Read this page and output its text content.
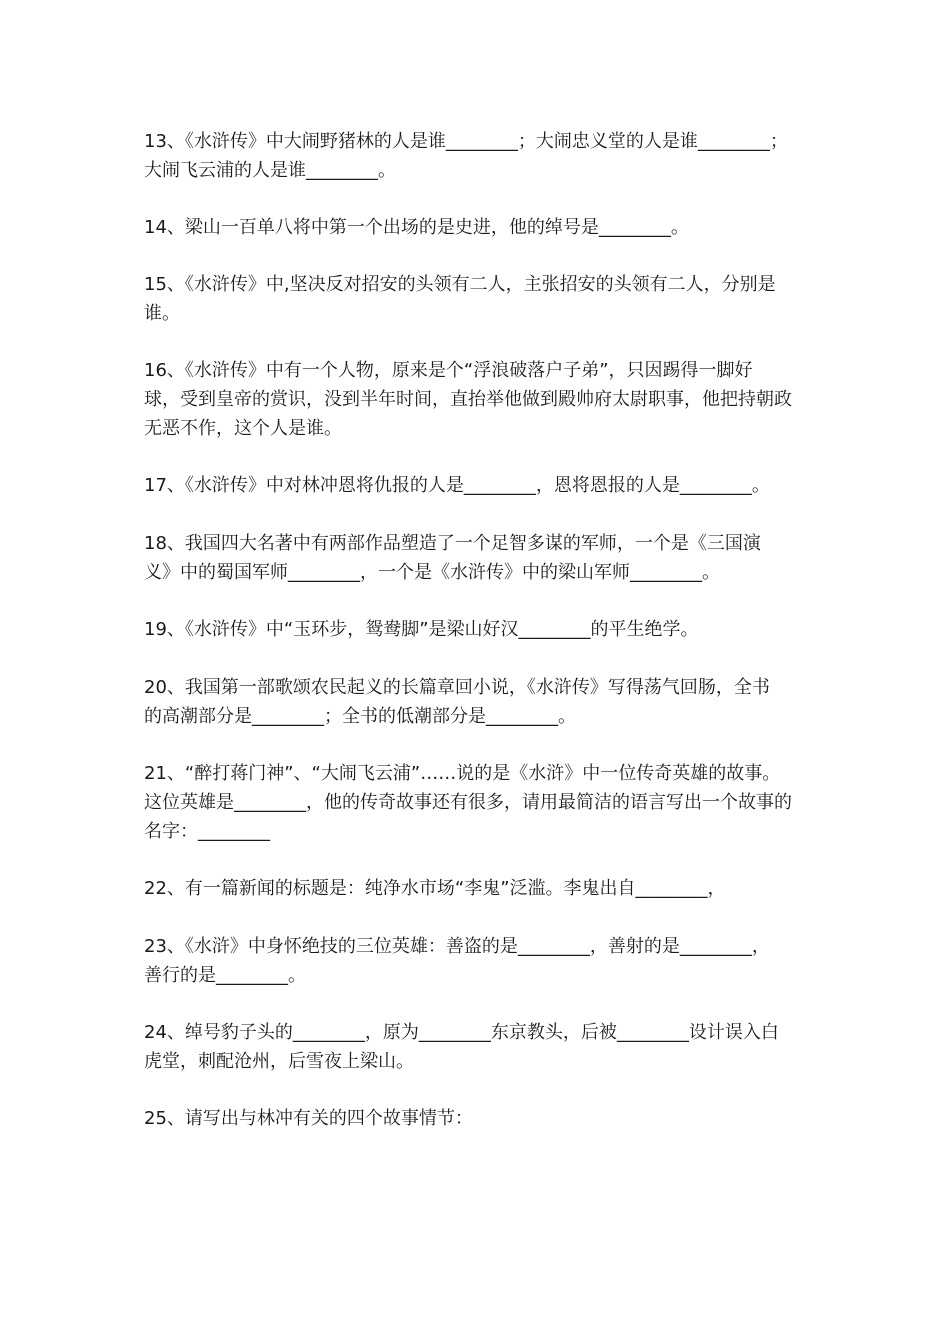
13、《水浒传》中大闹野猪林的人是谁________；大闹忠义堂的人是谁________；

大闹飞云浦的人是谁________。

14、梁山一百单八将中第一个出场的是史进，他的绰号是________。

15、《水浒传》中,坚决反对招安的头领有二人，主张招安的头领有二人，分别是

谁。

16、《水浒传》中有一个人物，原来是个“浮浪破落户子弟”，只因踢得一脚好

球，受到皇帝的赏识，没到半年时间，直抬举他做到殿帅府太尉职事，他把持朝政

无恶不作，这个人是谁。

17、《水浒传》中对林冲恩将仇报的人是________，恩将恩报的人是________。

18、我国四大名著中有两部作品塑造了一个足智多谋的军师，一个是《三国演

义》中的蜀国军师________，一个是《水浒传》中的梁山军师________。

19、《水浒传》中“玉环步，鸳鸯脚”是梁山好汉________的平生绝学。

20、我国第一部歌颂农民起义的长篇章回小说，《水浒传》写得荡气回肠，全书

的高潮部分是________；全书的低潮部分是________。

21、“醉打蒋门神”、“大闹飞云浦”……说的是《水浒》中一位传奇英雄的故事。

这位英雄是________，他的传奇故事还有很多，请用最简洁的语言写出一个故事的

名字：________

22、有一篇新闻的标题是：纯净水市场“李鬼”泛滥。李鬼出自________，

23、《水浒》中身怀绝技的三位英雄：善盗的是________，善射的是________，

善行的是________。

24、绰号豹子头的________，原为________东京教头，后被________设计误入白

虎堂，刺配沧州，后雪夜上梁山。

25、请写出与林冲有关的四个故事情节：
